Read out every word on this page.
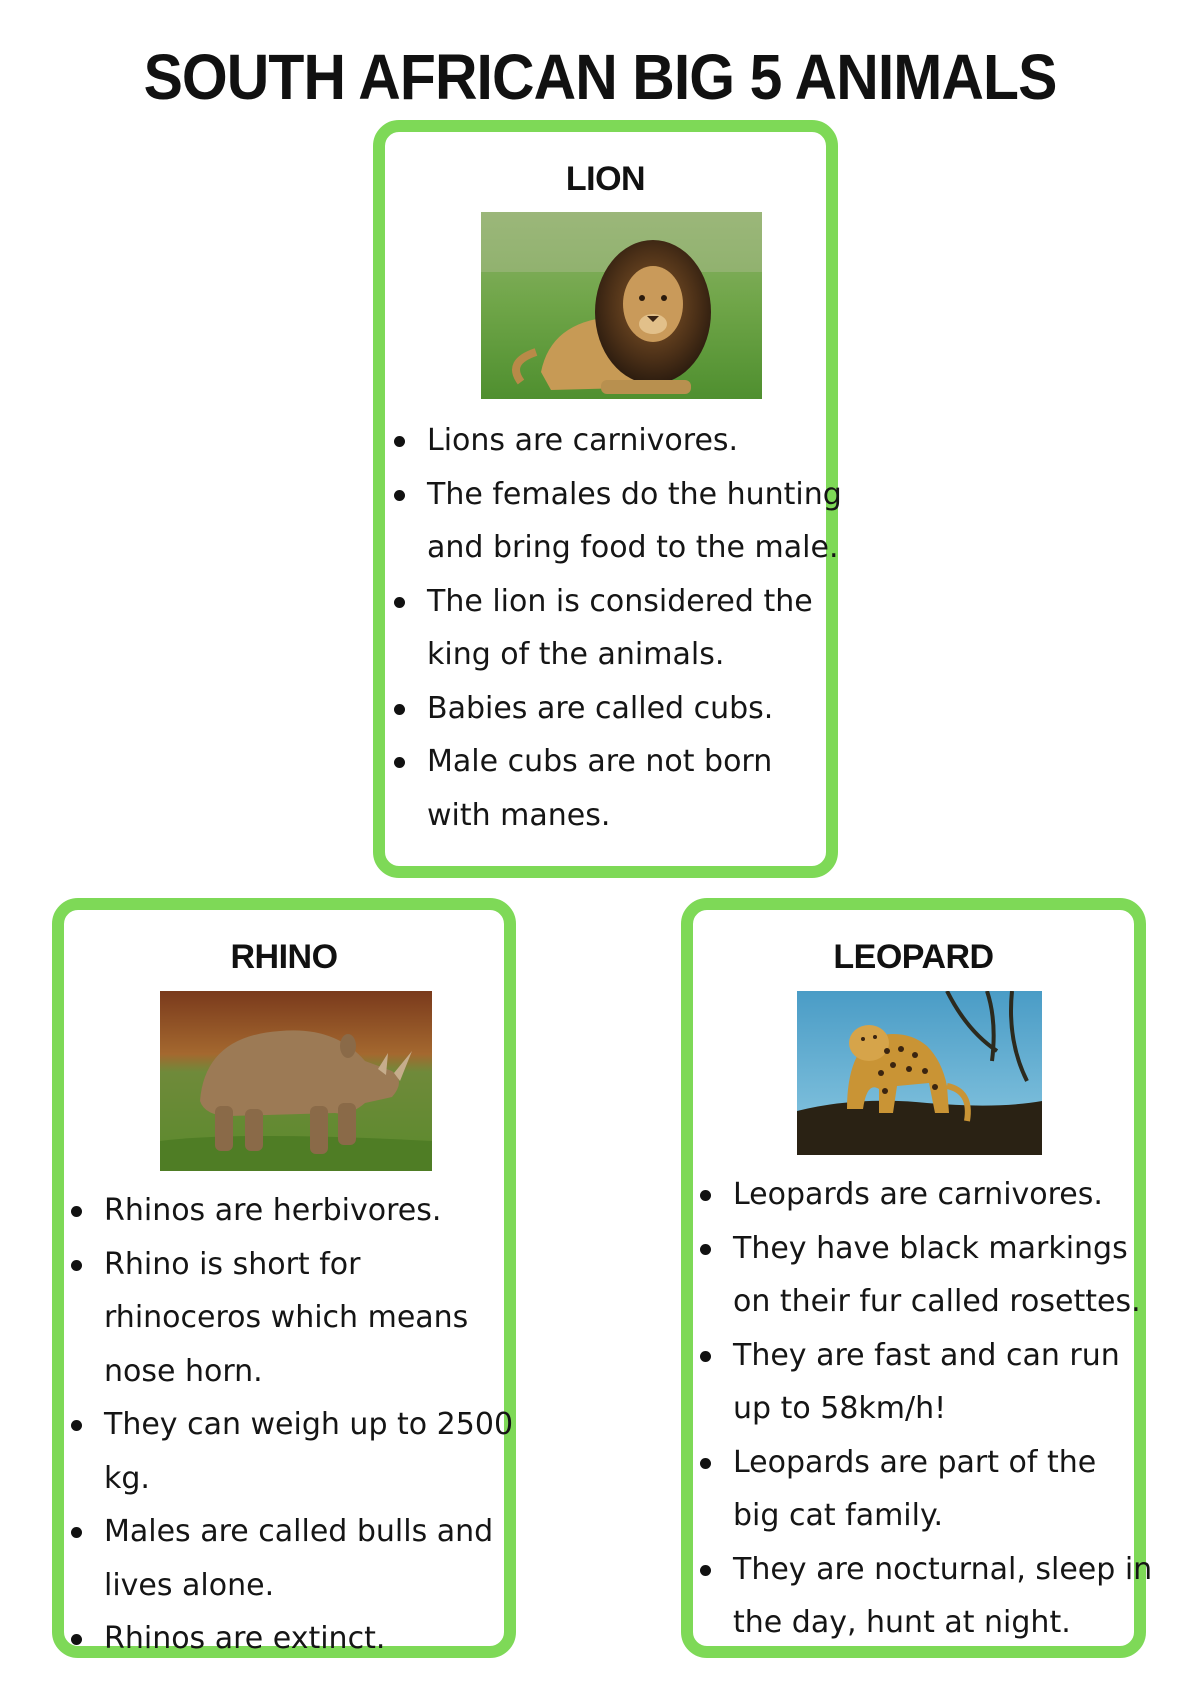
SOUTH AFRICAN BIG 5 ANIMALS
LION
Lions are carnivores.
The females do the hunting
and bring food to the male.
The lion is considered the
king of the animals.
Babies are called cubs.
Male cubs are not born
with manes.
RHINO
Rhinos are herbivores.
Rhino is short for
rhinoceros which means
nose horn.
They can weigh up to 2500
kg.
Males are called bulls and
lives alone.
Rhinos are extinct.
LEOPARD
Leopards are carnivores.
They have black markings
on their fur called rosettes.
They are fast and can run
up to 58km/h!
Leopards are part of the
big cat family.
They are nocturnal, sleep in
the day, hunt at night.
